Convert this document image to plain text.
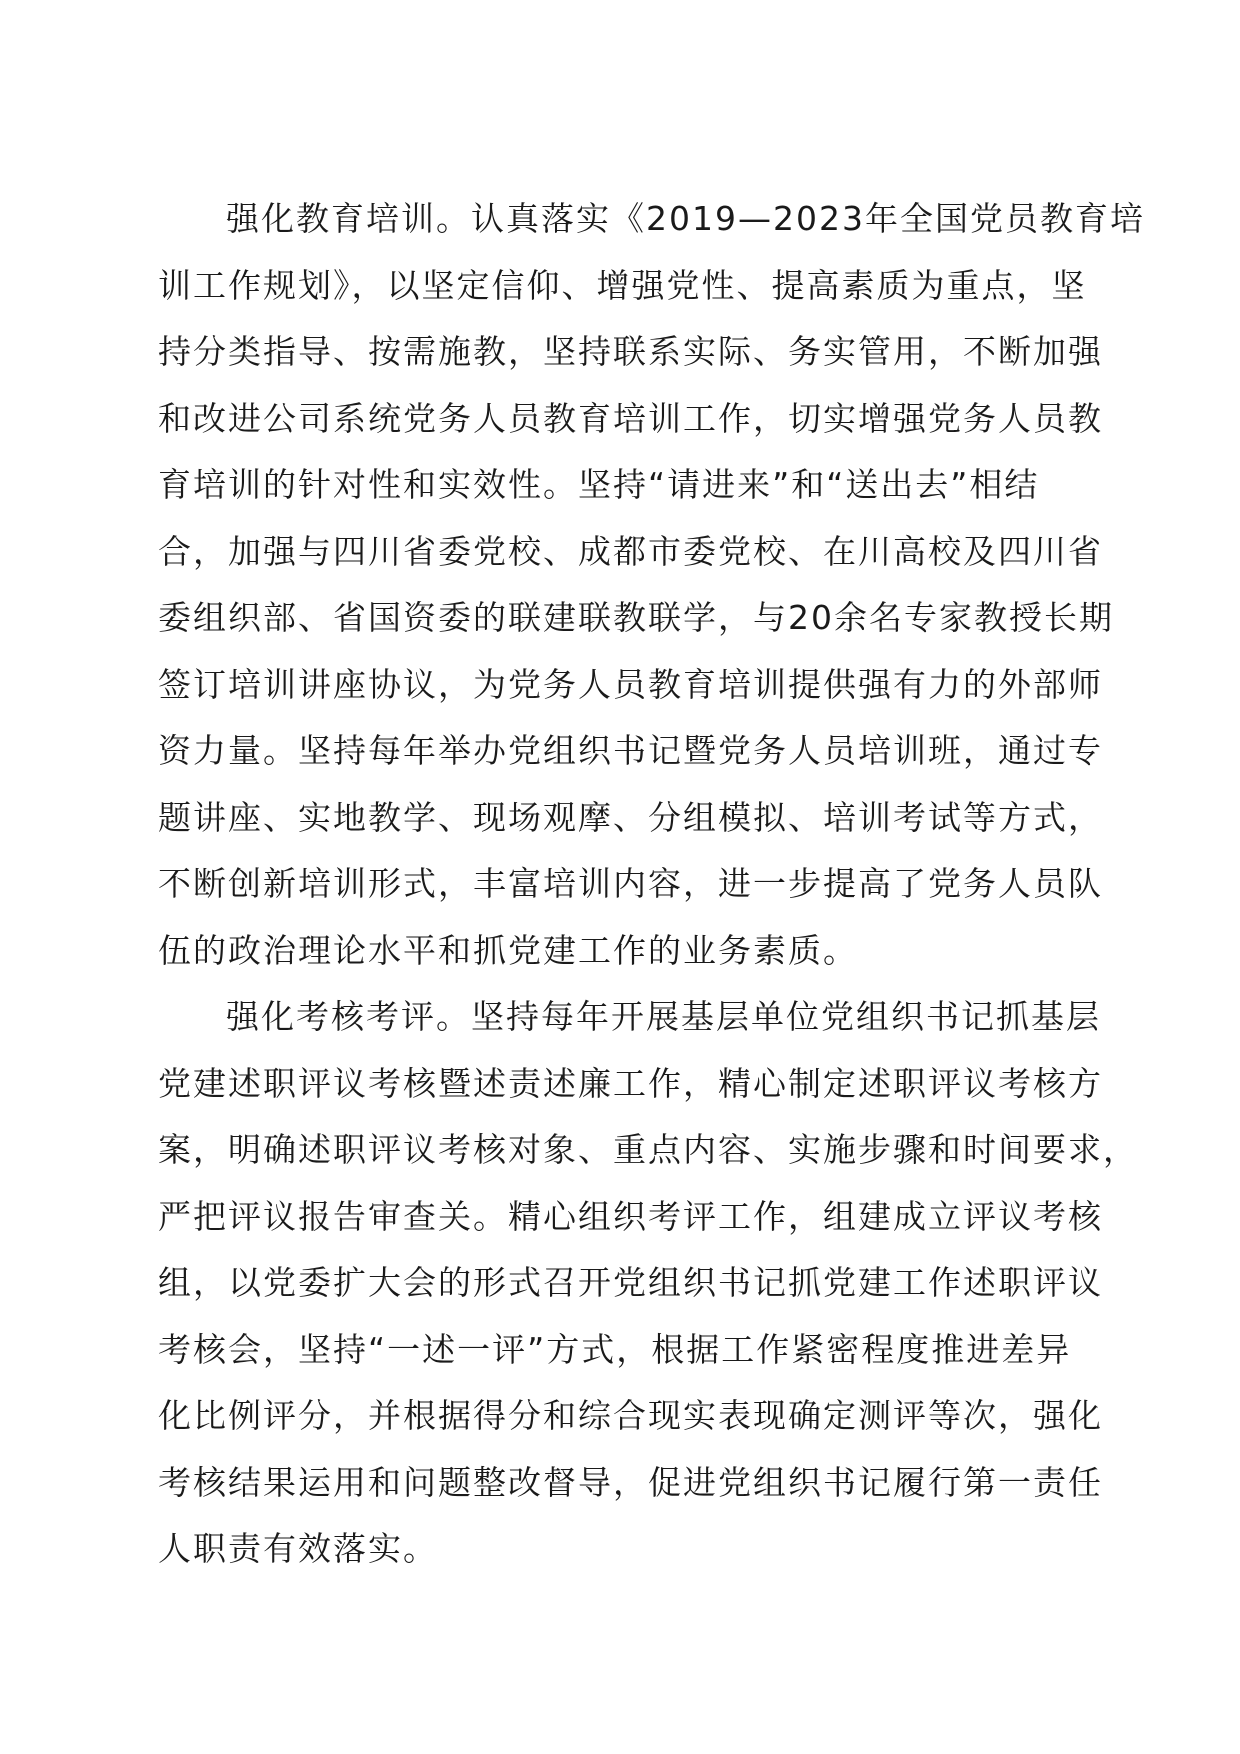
强化教育培训。认真落实《2019—2023年全国党员教育培
训工作规划》，以坚定信仰、增强党性、提高素质为重点，坚
持分类指导、按需施教，坚持联系实际、务实管用，不断加强
和改进公司系统党务人员教育培训工作，切实增强党务人员教
育培训的针对性和实效性。坚持“请进来”和“送出去”相结
合，加强与四川省委党校、成都市委党校、在川高校及四川省
委组织部、省国资委的联建联教联学，与20余名专家教授长期
签订培训讲座协议，为党务人员教育培训提供强有力的外部师
资力量。坚持每年举办党组织书记暨党务人员培训班，通过专
题讲座、实地教学、现场观摩、分组模拟、培训考试等方式，
不断创新培训形式，丰富培训内容，进一步提高了党务人员队
伍的政治理论水平和抓党建工作的业务素质。
强化考核考评。坚持每年开展基层单位党组织书记抓基层
党建述职评议考核暨述责述廉工作，精心制定述职评议考核方
案，明确述职评议考核对象、重点内容、实施步骤和时间要求，
严把评议报告审查关。精心组织考评工作，组建成立评议考核
组，以党委扩大会的形式召开党组织书记抓党建工作述职评议
考核会，坚持“一述一评”方式，根据工作紧密程度推进差异
化比例评分，并根据得分和综合现实表现确定测评等次，强化
考核结果运用和问题整改督导，促进党组织书记履行第一责任
人职责有效落实。
